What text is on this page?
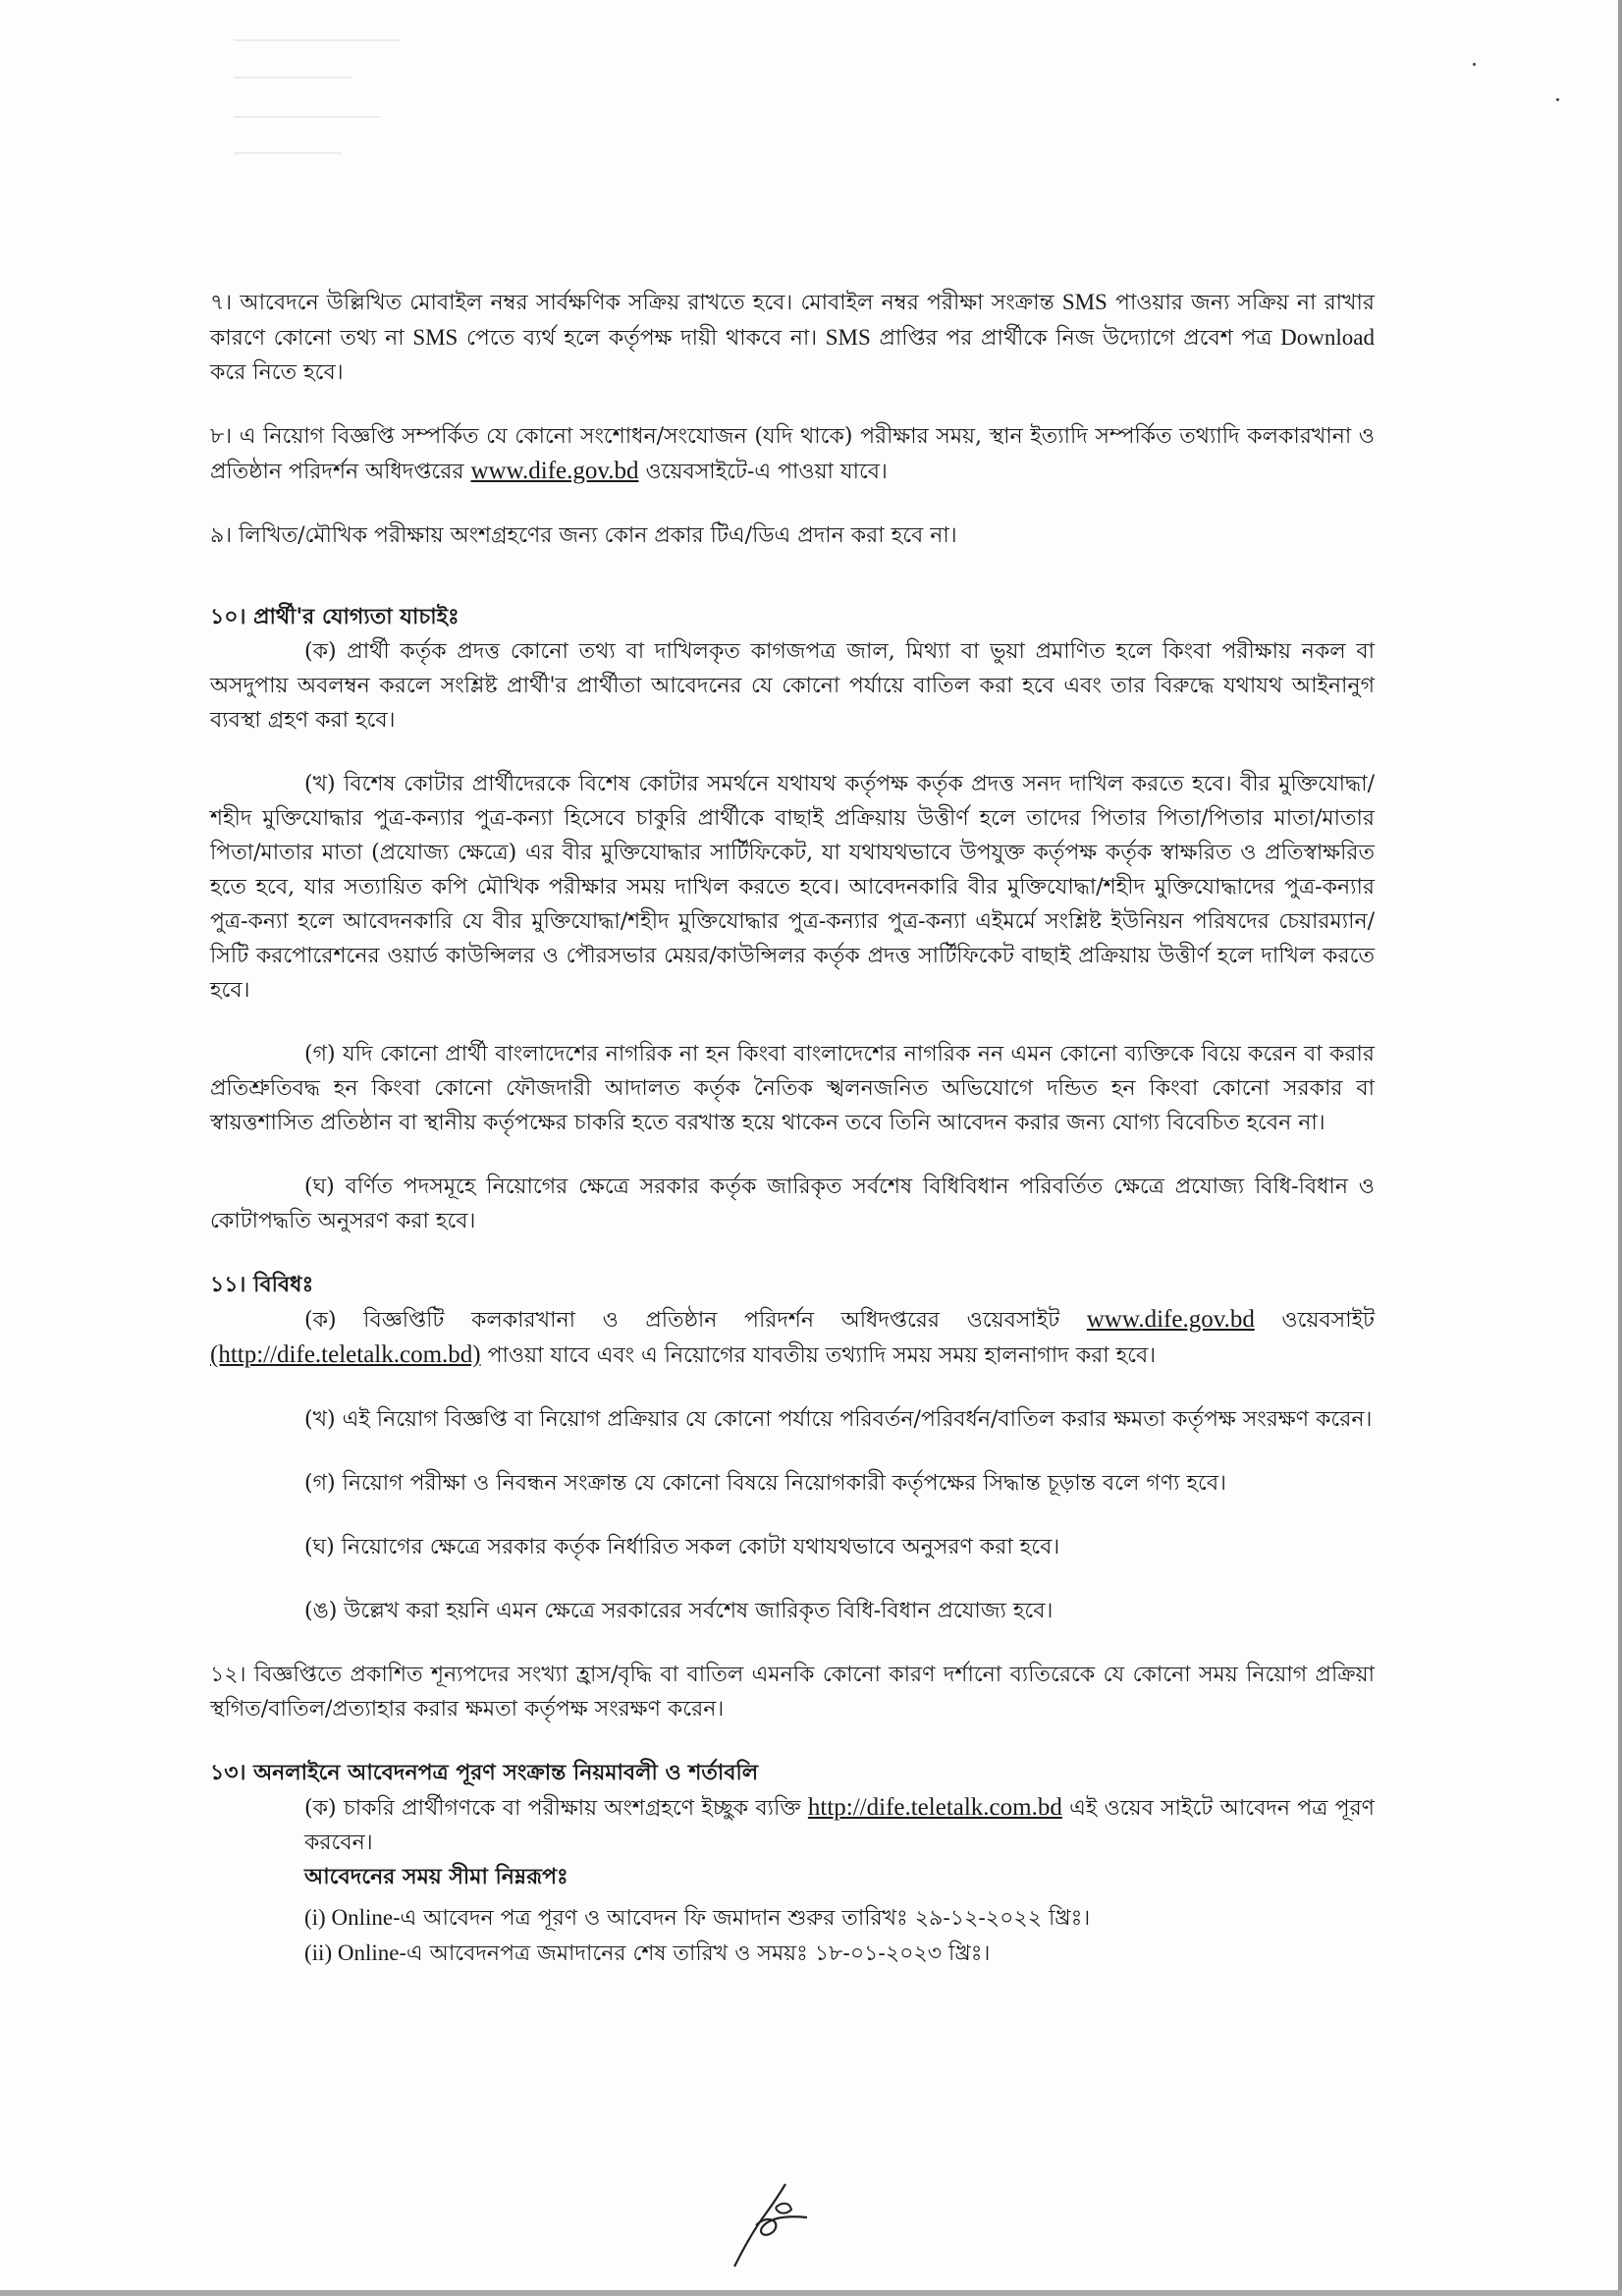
৭। আবেদনে উল্লিখিত মোবাইল নম্বর সার্বক্ষণিক সক্রিয় রাখতে হবে। মোবাইল নম্বর পরীক্ষা সংক্রান্ত SMS পাওয়ার জন্য সক্রিয় না রাখার কারণে কোনো তথ্য না SMS পেতে ব্যর্থ হলে কর্তৃপক্ষ দায়ী থাকবে না। SMS প্রাপ্তির পর প্রার্থীকে নিজ উদ্যোগে প্রবেশ পত্র Download করে নিতে হবে।

৮। এ নিয়োগ বিজ্ঞপ্তি সম্পর্কিত যে কোনো সংশোধন/সংযোজন (যদি থাকে) পরীক্ষার সময়, স্থান ইত্যাদি সম্পর্কিত তথ্যাদি কলকারখানা ও প্রতিষ্ঠান পরিদর্শন অধিদপ্তরের www.dife.gov.bd ওয়েবসাইটে-এ পাওয়া যাবে।

৯। লিখিত/মৌখিক পরীক্ষায় অংশগ্রহণের জন্য কোন প্রকার টিএ/ডিএ প্রদান করা হবে না।

১০। প্রার্থী'র যোগ্যতা যাচাইঃ

(ক) প্রার্থী কর্তৃক প্রদত্ত কোনো তথ্য বা দাখিলকৃত কাগজপত্র জাল, মিথ্যা বা ভুয়া প্রমাণিত হলে কিংবা পরীক্ষায় নকল বা অসদুপায় অবলম্বন করলে সংশ্লিষ্ট প্রার্থী'র প্রার্থীতা আবেদনের যে কোনো পর্যায়ে বাতিল করা হবে এবং তার বিরুদ্ধে যথাযথ আইনানুগ ব্যবস্থা গ্রহণ করা হবে।

(খ) বিশেষ কোটার প্রার্থীদেরকে বিশেষ কোটার সমর্থনে যথাযথ কর্তৃপক্ষ কর্তৃক প্রদত্ত সনদ দাখিল করতে হবে। বীর মুক্তিযোদ্ধা/শহীদ মুক্তিযোদ্ধার পুত্র-কন্যার পুত্র-কন্যা হিসেবে চাকুরি প্রার্থীকে বাছাই প্রক্রিয়ায় উত্তীর্ণ হলে তাদের পিতার পিতা/পিতার মাতা/মাতার পিতা/মাতার মাতা (প্রযোজ্য ক্ষেত্রে) এর বীর মুক্তিযোদ্ধার সার্টিফিকেট, যা যথাযথভাবে উপযুক্ত কর্তৃপক্ষ কর্তৃক স্বাক্ষরিত ও প্রতিস্বাক্ষরিত হতে হবে, যার সত্যায়িত কপি মৌখিক পরীক্ষার সময় দাখিল করতে হবে। আবেদনকারি বীর মুক্তিযোদ্ধা/শহীদ মুক্তিযোদ্ধাদের পুত্র-কন্যার পুত্র-কন্যা হলে আবেদনকারি যে বীর মুক্তিযোদ্ধা/শহীদ মুক্তিযোদ্ধার পুত্র-কন্যার পুত্র-কন্যা এইমর্মে সংশ্লিষ্ট ইউনিয়ন পরিষদের চেয়ারম্যান/সিটি করপোরেশনের ওয়ার্ড কাউন্সিলর ও পৌরসভার মেয়র/কাউন্সিলর কর্তৃক প্রদত্ত সার্টিফিকেট বাছাই প্রক্রিয়ায় উত্তীর্ণ হলে দাখিল করতে হবে।

(গ) যদি কোনো প্রার্থী বাংলাদেশের নাগরিক না হন কিংবা বাংলাদেশের নাগরিক নন এমন কোনো ব্যক্তিকে বিয়ে করেন বা করার প্রতিশ্রুতিবদ্ধ হন কিংবা কোনো ফৌজদারী আদালত কর্তৃক নৈতিক স্খলনজনিত অভিযোগে দন্ডিত হন কিংবা কোনো সরকার বা স্বায়ত্তশাসিত প্রতিষ্ঠান বা স্থানীয় কর্তৃপক্ষের চাকরি হতে বরখাস্ত হয়ে থাকেন তবে তিনি আবেদন করার জন্য যোগ্য বিবেচিত হবেন না।

(ঘ) বর্ণিত পদসমূহে নিয়োগের ক্ষেত্রে সরকার কর্তৃক জারিকৃত সর্বশেষ বিধিবিধান পরিবর্তিত ক্ষেত্রে প্রযোজ্য বিধি-বিধান ও কোটাপদ্ধতি অনুসরণ করা হবে।

১১। বিবিধঃ

(ক) বিজ্ঞপ্তিটি কলকারখানা ও প্রতিষ্ঠান পরিদর্শন অধিদপ্তরের ওয়েবসাইট www.dife.gov.bd ওয়েবসাইট (http://dife.teletalk.com.bd) পাওয়া যাবে এবং এ নিয়োগের যাবতীয় তথ্যাদি সময় সময় হালনাগাদ করা হবে।

(খ) এই নিয়োগ বিজ্ঞপ্তি বা নিয়োগ প্রক্রিয়ার যে কোনো পর্যায়ে পরিবর্তন/পরিবর্ধন/বাতিল করার ক্ষমতা কর্তৃপক্ষ সংরক্ষণ করেন।

(গ) নিয়োগ পরীক্ষা ও নিবন্ধন সংক্রান্ত যে কোনো বিষয়ে নিয়োগকারী কর্তৃপক্ষের সিদ্ধান্ত চূড়ান্ত বলে গণ্য হবে।

(ঘ) নিয়োগের ক্ষেত্রে সরকার কর্তৃক নির্ধারিত সকল কোটা যথাযথভাবে অনুসরণ করা হবে।

(ঙ) উল্লেখ করা হয়নি এমন ক্ষেত্রে সরকারের সর্বশেষ জারিকৃত বিধি-বিধান প্রযোজ্য হবে।

১২। বিজ্ঞপ্তিতে প্রকাশিত শূন্যপদের সংখ্যা হ্রাস/বৃদ্ধি বা বাতিল এমনকি কোনো কারণ দর্শানো ব্যতিরেকে যে কোনো সময় নিয়োগ প্রক্রিয়া স্থগিত/বাতিল/প্রত্যাহার করার ক্ষমতা কর্তৃপক্ষ সংরক্ষণ করেন।

১৩। অনলাইনে আবেদনপত্র পূরণ সংক্রান্ত নিয়মাবলী ও শর্তাবলি

(ক) চাকরি প্রার্থীগণকে বা পরীক্ষায় অংশগ্রহণে ইচ্ছুক ব্যক্তি http://dife.teletalk.com.bd এই ওয়েব সাইটে আবেদন পত্র পূরণ করবেন।

আবেদনের সময় সীমা নিম্নরূপঃ

(i) Online-এ আবেদন পত্র পূরণ ও আবেদন ফি জমাদান শুরুর তারিখঃ ২৯-১২-২০২২ খ্রিঃ।

(ii) Online-এ আবেদনপত্র জমাদানের শেষ তারিখ ও সময়ঃ ১৮-০১-২০২৩ খ্রিঃ।
